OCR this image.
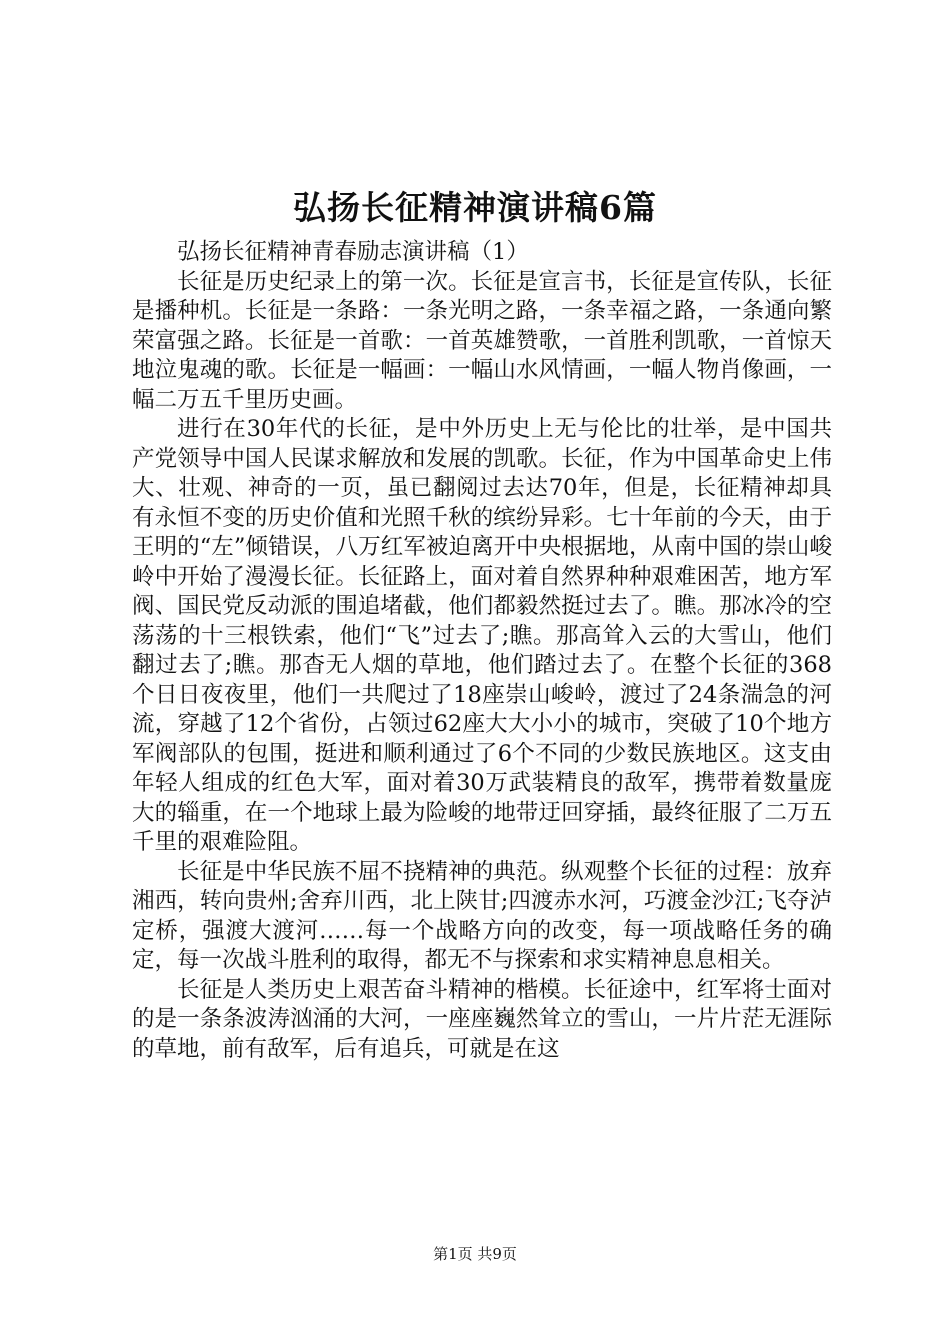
弘扬长征精神演讲稿6篇

弘扬长征精神青春励志演讲稿（1）

长征是历史纪录上的第一次。长征是宣言书，长征是宣传队，长征是播种机。长征是一条路：一条光明之路，一条幸福之路，一条通向繁荣富强之路。长征是一首歌：一首英雄赞歌，一首胜利凯歌，一首惊天地泣鬼魂的歌。长征是一幅画：一幅山水风情画，一幅人物肖像画，一幅二万五千里历史画。

进行在30年代的长征，是中外历史上无与伦比的壮举，是中国共产党领导中国人民谋求解放和发展的凯歌。长征，作为中国革命史上伟大、壮观、神奇的一页，虽已翻阅过去达70年，但是，长征精神却具有永恒不变的历史价值和光照千秋的缤纷异彩。七十年前的今天，由于王明的“左”倾错误，八万红军被迫离开中央根据地，从南中国的崇山峻岭中开始了漫漫长征。长征路上，面对着自然界种种艰难困苦，地方军阀、国民党反动派的围追堵截，他们都毅然挺过去了。瞧。那冰冷的空荡荡的十三根铁索，他们“飞”过去了;瞧。那高耸入云的大雪山，他们翻过去了;瞧。那杳无人烟的草地，他们踏过去了。在整个长征的368个日日夜夜里，他们一共爬过了18座崇山峻岭，渡过了24条湍急的河流，穿越了12个省份，占领过62座大大小小的城市，突破了10个地方军阀部队的包围，挺进和顺利通过了6个不同的少数民族地区。这支由年轻人组成的红色大军，面对着30万武装精良的敌军，携带着数量庞大的辎重，在一个地球上最为险峻的地带迂回穿插，最终征服了二万五千里的艰难险阻。

长征是中华民族不屈不挠精神的典范。纵观整个长征的过程：放弃湘西，转向贵州;舍弃川西，北上陕甘;四渡赤水河，巧渡金沙江;飞夺泸定桥，强渡大渡河……每一个战略方向的改变，每一项战略任务的确定，每一次战斗胜利的取得，都无不与探索和求实精神息息相关。

长征是人类历史上艰苦奋斗精神的楷模。长征途中，红军将士面对的是一条条波涛汹涌的大河，一座座巍然耸立的雪山，一片片茫无涯际的草地，前有敌军，后有追兵，可就是在这

第1页 共9页
